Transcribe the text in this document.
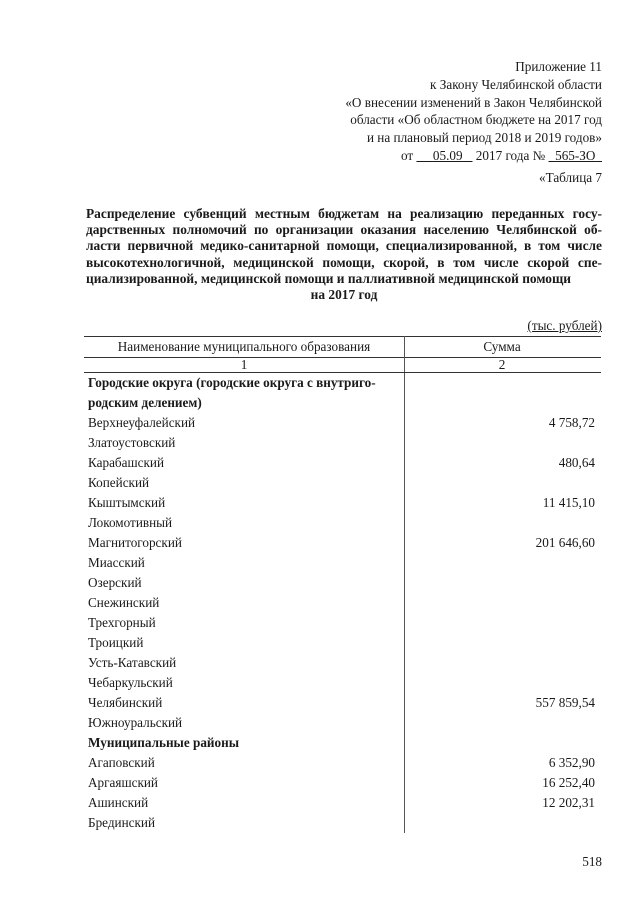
Приложение 11
к Закону Челябинской области
«О внесении изменений в Закон Челябинской
области «Об областном бюджете на 2017 год
и на плановый период 2018 и 2019 годов»
от 05.09 2017 года № 565-ЗО
«Таблица 7
Распределение субвенций местным бюджетам на реализацию переданных госу-дарственных полномочий по организации оказания населению Челябинской об-ласти первичной медико-санитарной помощи, специализированной, в том числе высокотехнологичной, медицинской помощи, скорой, в том числе скорой спе-циализированной, медицинской помощи и паллиативной медицинской помощи
на 2017 год
(тыс. рублей)
Наименование муниципального образования	Сумма
1	2
Городские округа (городские округа с внутриго-родским делением)	
Верхнеуфалейский	4 758,72
Златоустовский	
Карабашский	480,64
Копейский	
Кыштымский	11 415,10
Локомотивный	
Магнитогорский	201 646,60
Миасский	
Озерский	
Снежинский	
Трехгорный	
Троицкий	
Усть-Катавский	
Чебаркульский	
Челябинский	557 859,54
Южноуральский	
Муниципальные районы	
Агаповский	6 352,90
Аргаяшский	16 252,40
Ашинский	12 202,31
Брединский	
518
